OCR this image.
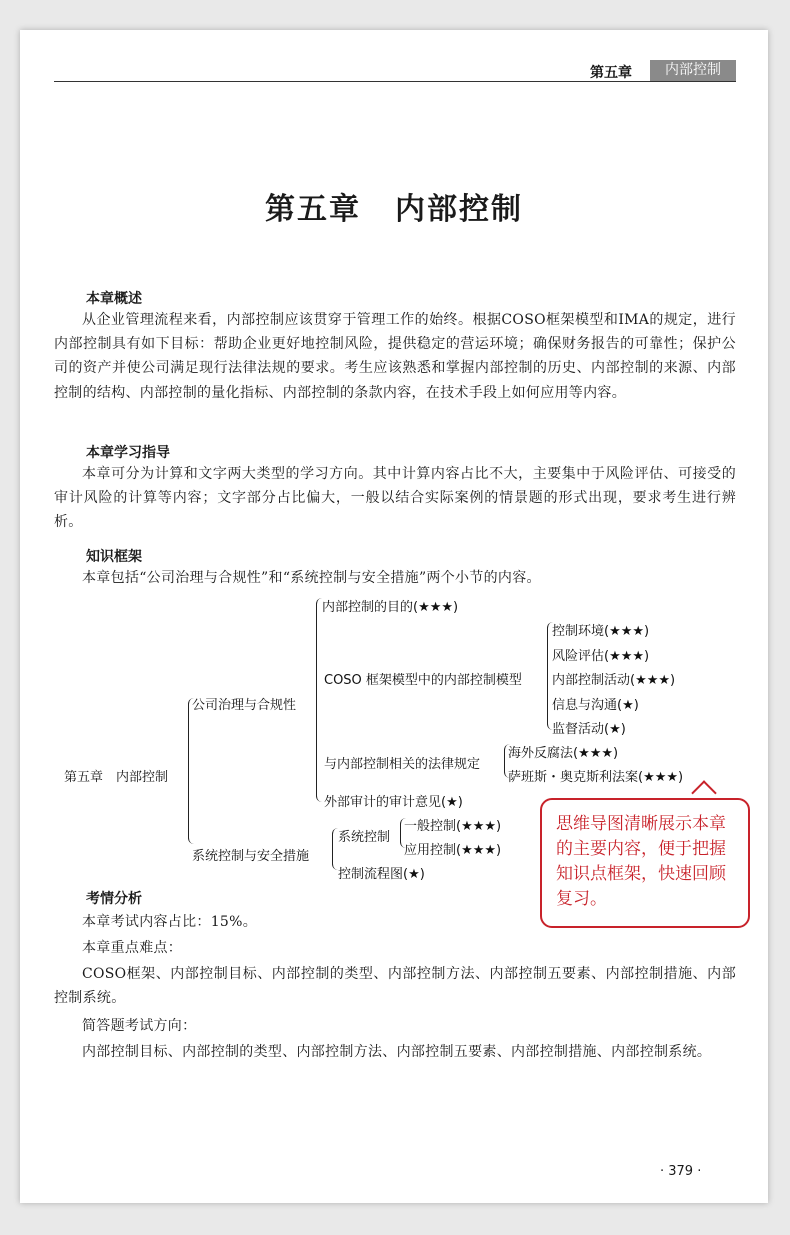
第五章	内部控制
第五章 内部控制
本章概述
从企业管理流程来看，内部控制应该贯穿于管理工作的始终。根据COSO框架模型和IMA的规定，进行内部控制具有如下目标：帮助企业更好地控制风险，提供稳定的营运环境；确保财务报告的可靠性；保护公司的资产并使公司满足现行法律法规的要求。考生应该熟悉和掌握内部控制的历史、内部控制的来源、内部控制的结构、内部控制的量化指标、内部控制的条款内容，在技术手段上如何应用等内容。
本章学习指导
本章可分为计算和文字两大类型的学习方向。其中计算内容占比不大，主要集中于风险评估、可接受的审计风险的计算等内容；文字部分占比偏大，一般以结合实际案例的情景题的形式出现，要求考生进行辨析。
知识框架
本章包括“公司治理与合规性”和“系统控制与安全措施”两个小节的内容。
第五章　内部控制
公司治理与合规性
系统控制与安全措施
内部控制的目的(★★★)
COSO 框架模型中的内部控制模型
与内部控制相关的法律规定
外部审计的审计意见(★)
控制环境(★★★)
风险评估(★★★)
内部控制活动(★★★)
信息与沟通(★)
监督活动(★)
海外反腐法(★★★)
萨班斯・奥克斯利法案(★★★)
系统控制
控制流程图(★)
一般控制(★★★)
应用控制(★★★)
思维导图清晰展示本章的主要内容，便于把握知识点框架，快速回顾复习。
考情分析
本章考试内容占比：15%。
本章重点难点：
COSO框架、内部控制目标、内部控制的类型、内部控制方法、内部控制五要素、内部控制措施、内部控制系统。
简答题考试方向：
内部控制目标、内部控制的类型、内部控制方法、内部控制五要素、内部控制措施、内部控制系统。
· 379 ·
